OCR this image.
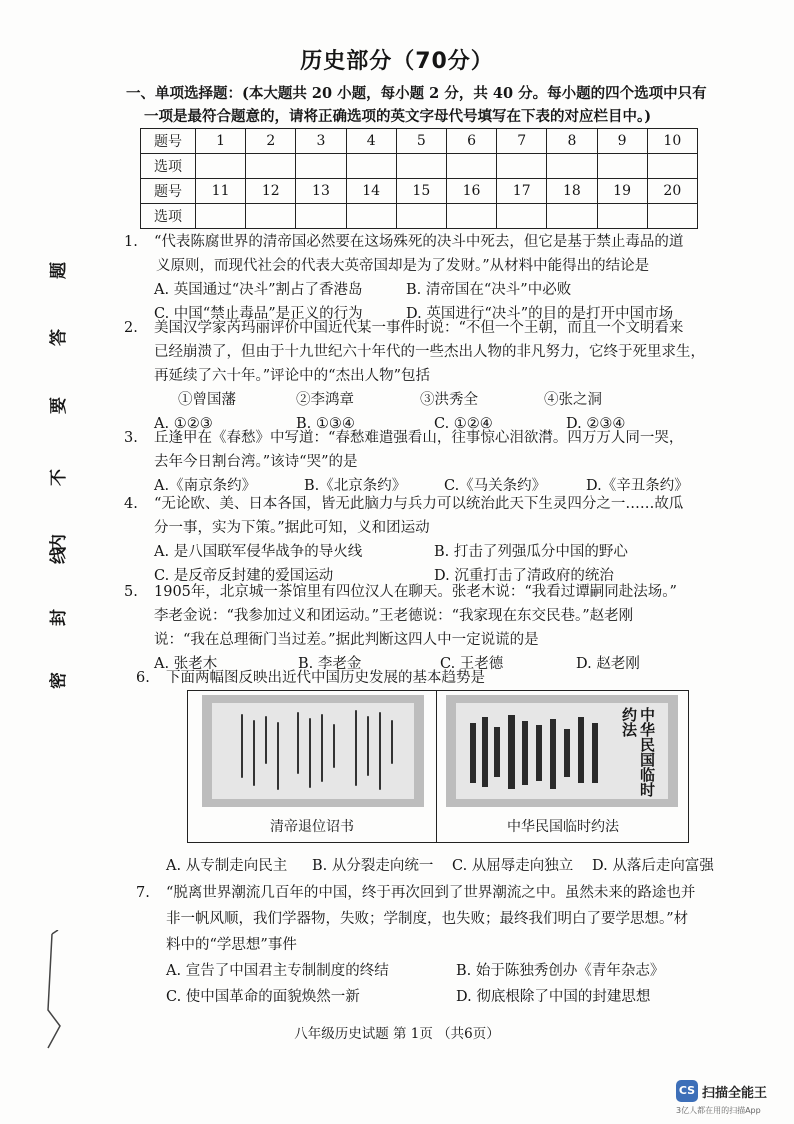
历史部分（70分）
一、单项选择题：(本大题共 20 小题，每小题 2 分，共 40 分。每小题的四个选项中只有
一项是最符合题意的，请将正确选项的英文字母代号填写在下表的对应栏目中。)
题号	1	2	3	4	5	6	7	8	9	10
选项										
题号	11	12	13	14	15	16	17	18	19	20
选项										
密
封
线
内
不
要
答
题
1. “代表陈腐世界的清帝国必然要在这场殊死的决斗中死去，但它是基于禁止毒品的道
义原则，而现代社会的代表大英帝国却是为了发财。”从材料中能得出的结论是
A. 英国通过“决斗”割占了香港岛	B. 清帝国在“决斗”中必败
C. 中国“禁止毒品”是正义的行为	D. 英国进行“决斗”的目的是打开中国市场
2. 美国汉学家芮玛丽评价中国近代某一事件时说：“不但一个王朝，而且一个文明看来
已经崩溃了，但由于十九世纪六十年代的一些杰出人物的非凡努力，它终于死里求生，
再延续了六十年。”评论中的“杰出人物”包括
①曾国藩	②李鸿章	③洪秀全	④张之洞
A. ①②③	B. ①③④	C. ①②④	D. ②③④
3. 丘逢甲在《春愁》中写道：“春愁难遣强看山，往事惊心泪欲潸。四万万人同一哭，
去年今日割台湾。”该诗“哭”的是
A.《南京条约》	B.《北京条约》	C.《马关条约》	D.《辛丑条约》
4. “无论欧、美、日本各国，皆无此脑力与兵力可以统治此天下生灵四分之一……故瓜
分一事，实为下策。”据此可知，义和团运动
A. 是八国联军侵华战争的导火线	B. 打击了列强瓜分中国的野心
C. 是反帝反封建的爱国运动	D. 沉重打击了清政府的统治
5. 1905年，北京城一茶馆里有四位汉人在聊天。张老木说：“我看过谭嗣同赴法场。”
李老金说：“我参加过义和团运动。”王老德说：“我家现在东交民巷。”赵老刚
说：“我在总理衙门当过差。”据此判断这四人中一定说谎的是
A. 张老木	B. 李老金	C. 王老德	D. 赵老刚
6. 下面两幅图反映出近代中国历史发展的基本趋势是
中华民国临时约法
清帝退位诏书	中华民国临时约法
A. 从专制走向民主 B. 从分裂走向统一 C. 从屈辱走向独立 D. 从落后走向富强
7. “脱离世界潮流几百年的中国，终于再次回到了世界潮流之中。虽然未来的路途也并
非一帆风顺，我们学器物，失败；学制度，也失败；最终我们明白了要学思想。”材
料中的“学思想”事件
A. 宣告了中国君主专制制度的终结	B. 始于陈独秀创办《青年杂志》
C. 使中国革命的面貌焕然一新	D. 彻底根除了中国的封建思想
八年级历史试题 第 1页 （共6页）
CS 扫描全能王
3亿人都在用的扫描App
